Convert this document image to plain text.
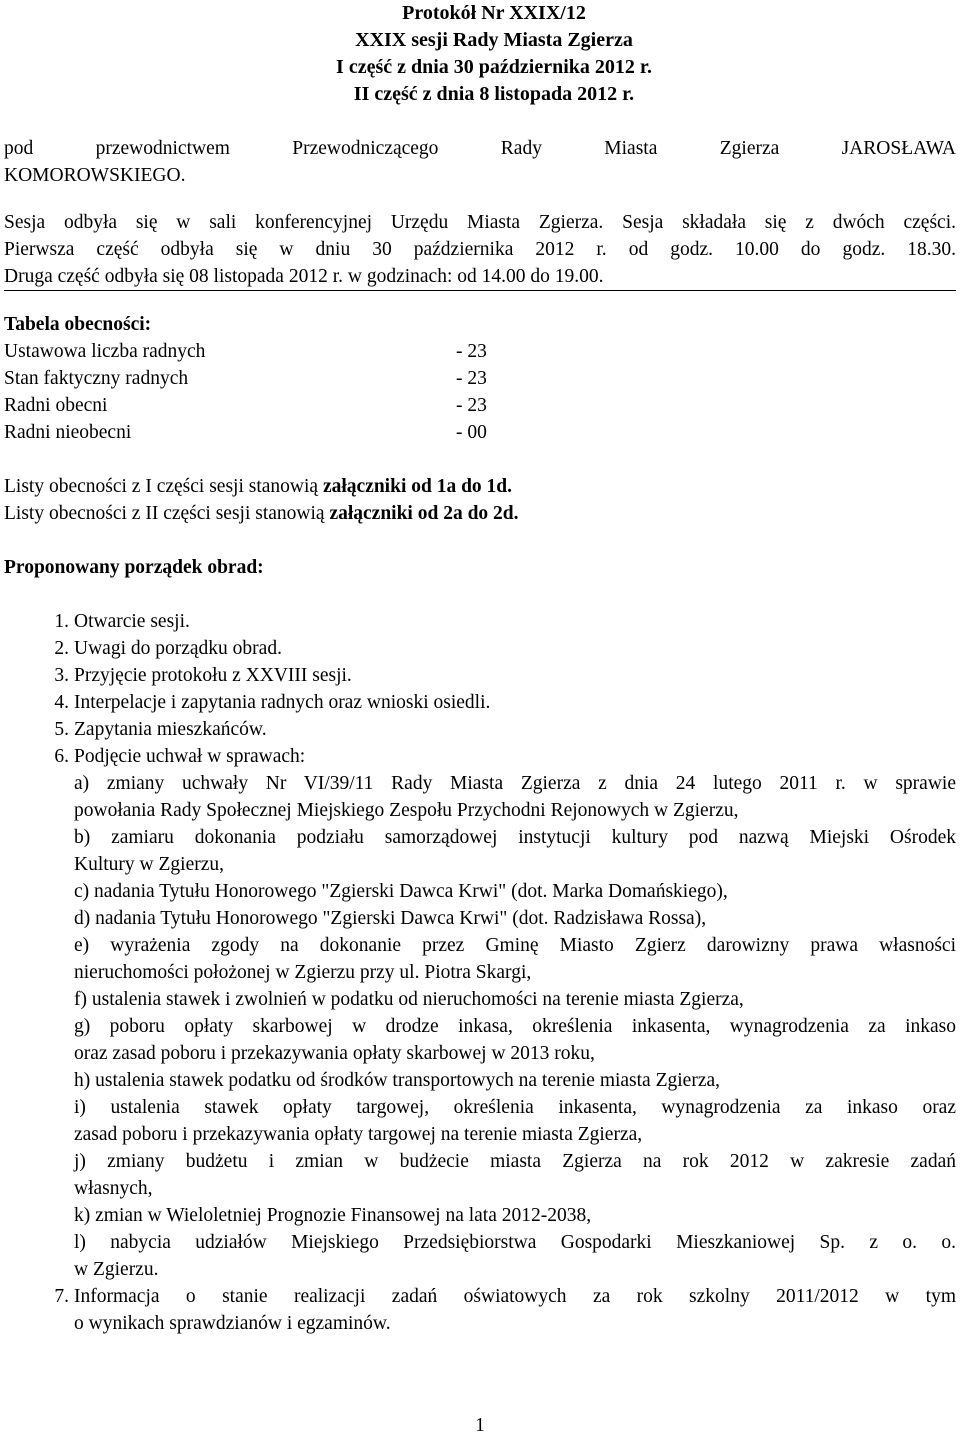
Protokół Nr XXIX/12
XXIX sesji Rady Miasta Zgierza
I część z dnia 30 października 2012 r.
II część z dnia 8 listopada 2012 r.
pod przewodnictwem Przewodniczącego Rady Miasta Zgierza JAROSŁAWA
KOMOROWSKIEGO.
Sesja odbyła się w sali konferencyjnej Urzędu Miasta Zgierza. Sesja składała się z dwóch części.
Pierwsza część odbyła się w dniu 30 października 2012 r. od godz. 10.00 do godz. 18.30.
Druga część odbyła się 08 listopada 2012 r. w godzinach: od 14.00 do 19.00.
Tabela obecności:
Ustawowa liczba radnych	- 23
Stan faktyczny radnych	- 23
Radni obecni	- 23
Radni nieobecni	- 00
Listy obecności z I części sesji stanowią załączniki od 1a do 1d.
Listy obecności z II części sesji stanowią załączniki od 2a do 2d.
Proponowany porządek obrad:
1. Otwarcie sesji.
2. Uwagi do porządku obrad.
3. Przyjęcie protokołu z XXVIII sesji.
4. Interpelacje i zapytania radnych oraz wnioski osiedli.
5. Zapytania mieszkańców.
6. Podjęcie uchwał w sprawach:
a) zmiany uchwały Nr VI/39/11 Rady Miasta Zgierza z dnia 24 lutego 2011 r. w sprawie
powołania Rady Społecznej Miejskiego Zespołu Przychodni Rejonowych w Zgierzu,
b) zamiaru dokonania podziału samorządowej instytucji kultury pod nazwą Miejski Ośrodek
Kultury w Zgierzu,
c) nadania Tytułu Honorowego "Zgierski Dawca Krwi" (dot. Marka Domańskiego),
d) nadania Tytułu Honorowego "Zgierski Dawca Krwi" (dot. Radzisława Rossa),
e) wyrażenia zgody na dokonanie przez Gminę Miasto Zgierz darowizny prawa własności
nieruchomości położonej w Zgierzu przy ul. Piotra Skargi,
f) ustalenia stawek i zwolnień w podatku od nieruchomości na terenie miasta Zgierza,
g) poboru opłaty skarbowej w drodze inkasa, określenia inkasenta, wynagrodzenia za inkaso
oraz zasad poboru i przekazywania opłaty skarbowej w 2013 roku,
h) ustalenia stawek podatku od środków transportowych na terenie miasta Zgierza,
i) ustalenia stawek opłaty targowej, określenia inkasenta, wynagrodzenia za inkaso oraz
zasad poboru i przekazywania opłaty targowej na terenie miasta Zgierza,
j) zmiany budżetu i zmian w budżecie miasta Zgierza na rok 2012 w zakresie zadań
własnych,
k) zmian w Wieloletniej Prognozie Finansowej na lata 2012-2038,
l) nabycia udziałów Miejskiego Przedsiębiorstwa Gospodarki Mieszkaniowej Sp. z o. o.
w Zgierzu.
7. Informacja o stanie realizacji zadań oświatowych za rok szkolny 2011/2012 w tym
o wynikach sprawdzianów i egzaminów.
1
